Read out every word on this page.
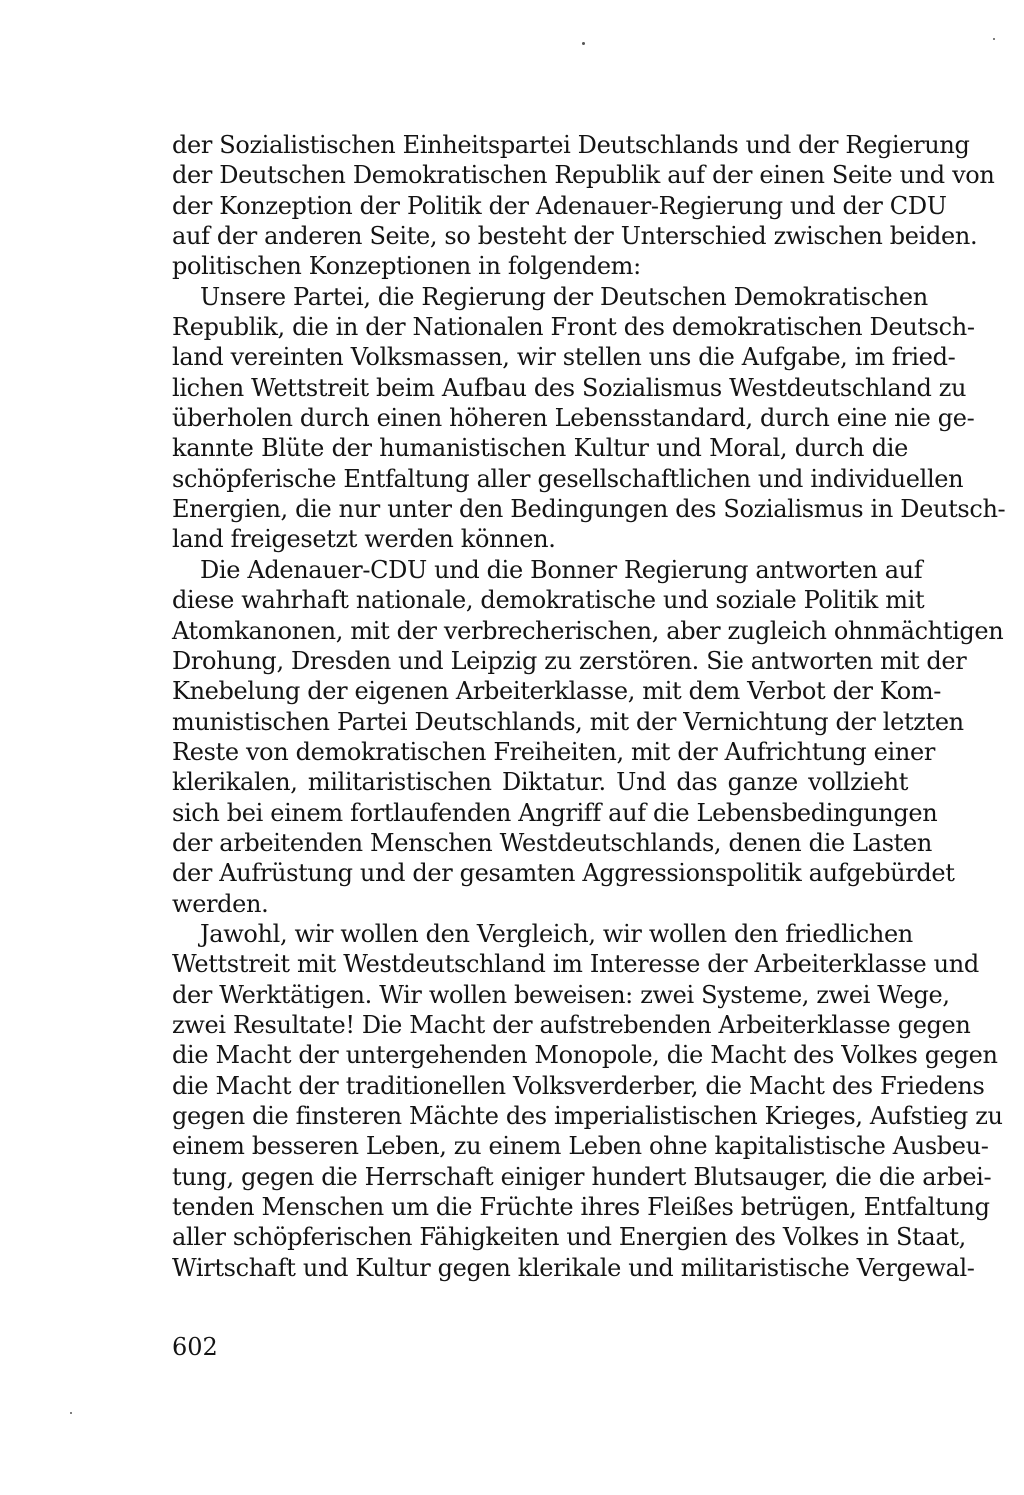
der Sozialistischen Einheitspartei Deutschlands und der Regierung
der Deutschen Demokratischen Republik auf der einen Seite und von
der Konzeption der Politik der Adenauer-Regierung und der CDU
auf der anderen Seite, so besteht der Unterschied zwischen beiden.
politischen Konzeptionen in folgendem:
Unsere Partei, die Regierung der Deutschen Demokratischen
Republik, die in der Nationalen Front des demokratischen Deutsch-
land vereinten Volksmassen, wir stellen uns die Aufgabe, im fried-
lichen Wettstreit beim Aufbau des Sozialismus Westdeutschland zu
überholen durch einen höheren Lebensstandard, durch eine nie ge-
kannte Blüte der humanistischen Kultur und Moral, durch die
schöpferische Entfaltung aller gesellschaftlichen und individuellen
Energien, die nur unter den Bedingungen des Sozialismus in Deutsch-
land freigesetzt werden können.
Die Adenauer-CDU und die Bonner Regierung antworten auf
diese wahrhaft nationale, demokratische und soziale Politik mit
Atomkanonen, mit der verbrecherischen, aber zugleich ohnmächtigen
Drohung, Dresden und Leipzig zu zerstören. Sie antworten mit der
Knebelung der eigenen Arbeiterklasse, mit dem Verbot der Kom-
munistischen Partei Deutschlands, mit der Vernichtung der letzten
Reste von demokratischen Freiheiten, mit der Aufrichtung einer
klerikalen, militaristischen Diktatur. Und das ganze vollzieht
sich bei einem fortlaufenden Angriff auf die Lebensbedingungen
der arbeitenden Menschen Westdeutschlands, denen die Lasten
der Aufrüstung und der gesamten Aggressionspolitik aufgebürdet
werden.
Jawohl, wir wollen den Vergleich, wir wollen den friedlichen
Wettstreit mit Westdeutschland im Interesse der Arbeiterklasse und
der Werktätigen. Wir wollen beweisen: zwei Systeme, zwei Wege,
zwei Resultate! Die Macht der aufstrebenden Arbeiterklasse gegen
die Macht der untergehenden Monopole, die Macht des Volkes gegen
die Macht der traditionellen Volksverderber, die Macht des Friedens
gegen die finsteren Mächte des imperialistischen Krieges, Aufstieg zu
einem besseren Leben, zu einem Leben ohne kapitalistische Ausbeu-
tung, gegen die Herrschaft einiger hundert Blutsauger, die die arbei-
tenden Menschen um die Früchte ihres Fleißes betrügen, Entfaltung
aller schöpferischen Fähigkeiten und Energien des Volkes in Staat,
Wirtschaft und Kultur gegen klerikale und militaristische Vergewal-
602
